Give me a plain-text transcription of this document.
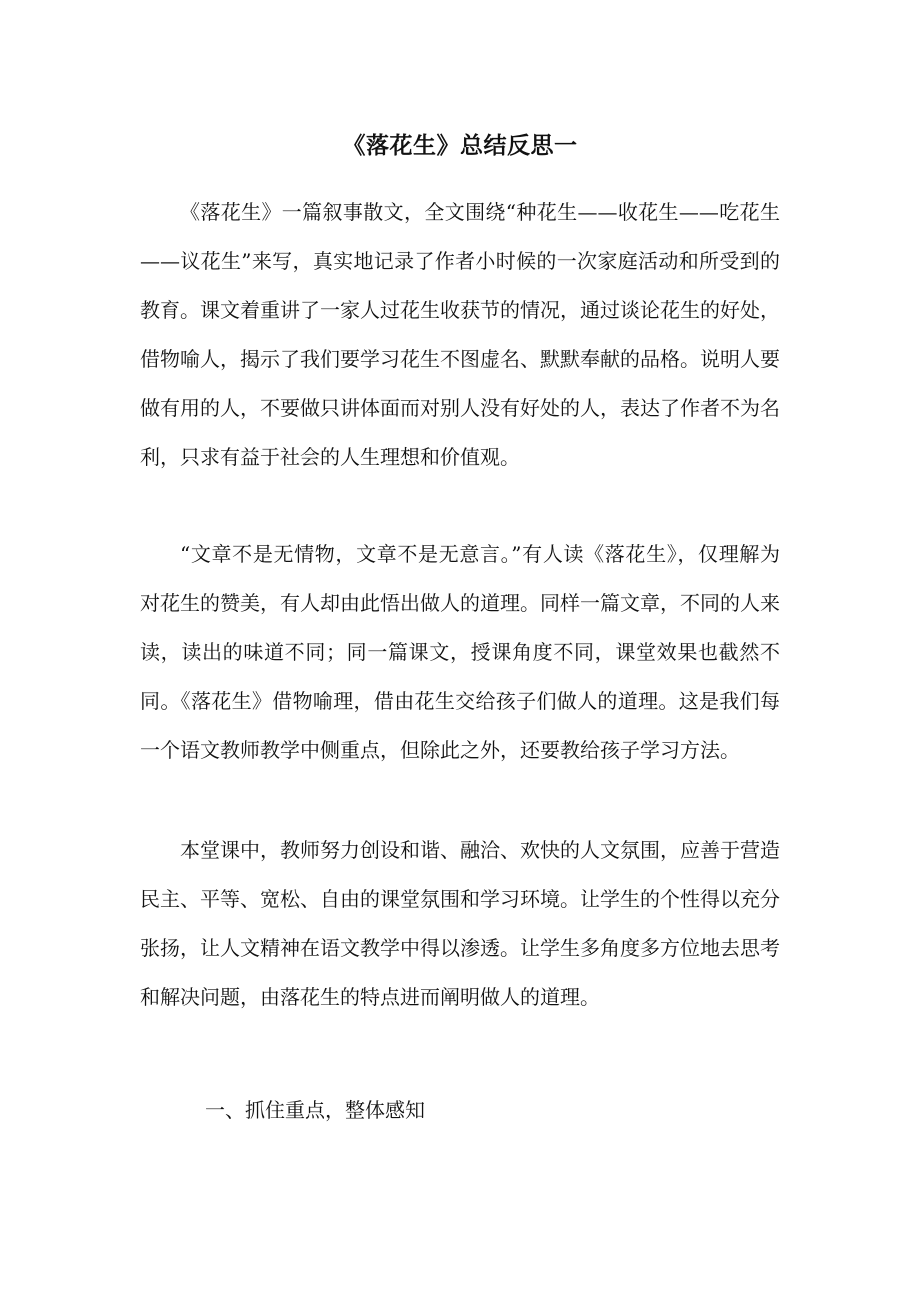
《落花生》总结反思一

《落花生》一篇叙事散文，全文围绕“种花生——收花生——吃花生——议花生”来写，真实地记录了作者小时候的一次家庭活动和所受到的教育。课文着重讲了一家人过花生收获节的情况，通过谈论花生的好处，借物喻人，揭示了我们要学习花生不图虚名、默默奉献的品格。说明人要做有用的人，不要做只讲体面而对别人没有好处的人，表达了作者不为名利，只求有益于社会的人生理想和价值观。

“文章不是无情物，文章不是无意言。”有人读《落花生》，仅理解为对花生的赞美，有人却由此悟出做人的道理。同样一篇文章，不同的人来读，读出的味道不同；同一篇课文，授课角度不同，课堂效果也截然不同。《落花生》借物喻理，借由花生交给孩子们做人的道理。这是我们每一个语文教师教学中侧重点，但除此之外，还要教给孩子学习方法。

本堂课中，教师努力创设和谐、融洽、欢快的人文氛围，应善于营造民主、平等、宽松、自由的课堂氛围和学习环境。让学生的个性得以充分张扬，让人文精神在语文教学中得以渗透。让学生多角度多方位地去思考和解决问题，由落花生的特点进而阐明做人的道理。

一、抓住重点，整体感知
